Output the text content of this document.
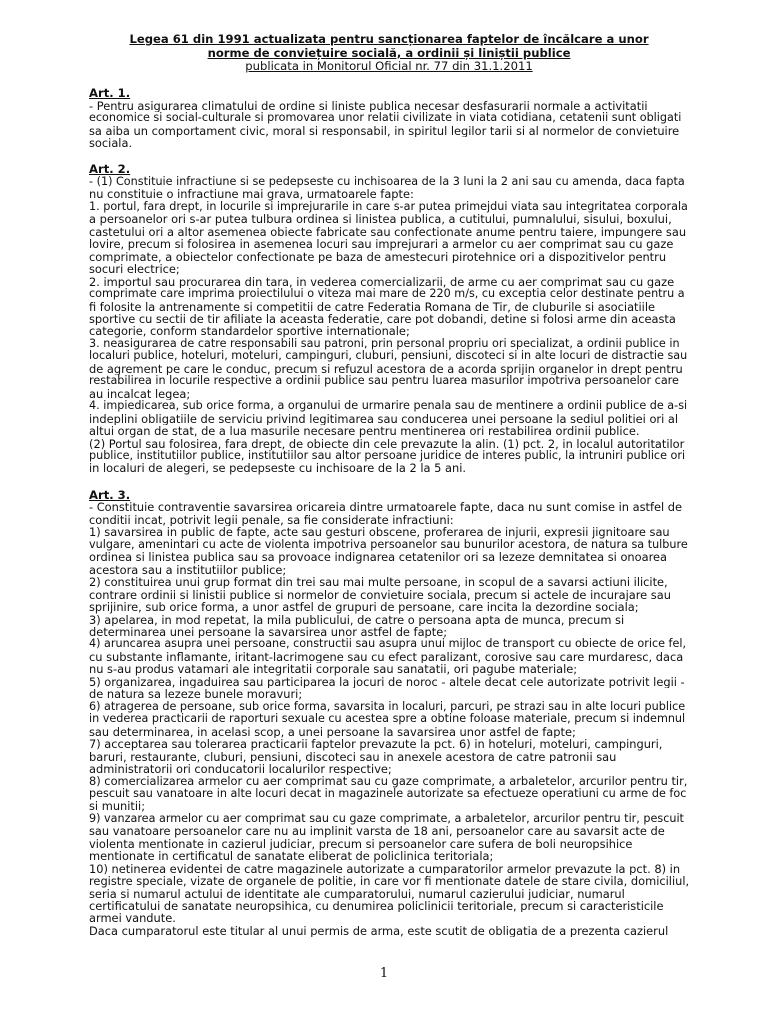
Legea 61 din 1991 actualizata pentru sancționarea faptelor de încălcare a unor
norme de conviețuire socială, a ordinii și liniștii publice

publicata in Monitorul Oficial nr. 77 din 31.1.2011

Art. 1.
- Pentru asigurarea climatului de ordine si liniste publica necesar desfasurarii normale a activitatii
economice si social-culturale si promovarea unor relatii civilizate in viata cotidiana, cetatenii sunt obligati
sa aiba un comportament civic, moral si responsabil, in spiritul legilor tarii si al normelor de convietuire
sociala.
Art. 2.
- (1) Constituie infractiune si se pedepseste cu inchisoarea de la 3 luni la 2 ani sau cu amenda, daca fapta
nu constituie o infractiune mai grava, urmatoarele fapte:
1. portul, fara drept, in locurile si imprejurarile in care s-ar putea primejdui viata sau integritatea corporala
a persoanelor ori s-ar putea tulbura ordinea si linistea publica, a cutitului, pumnalului, sisului, boxului,
castetului ori a altor asemenea obiecte fabricate sau confectionate anume pentru taiere, impungere sau
lovire, precum si folosirea in asemenea locuri sau imprejurari a armelor cu aer comprimat sau cu gaze
comprimate, a obiectelor confectionate pe baza de amestecuri pirotehnice ori a dispozitivelor pentru
socuri electrice;
2. importul sau procurarea din tara, in vederea comercializarii, de arme cu aer comprimat sau cu gaze
comprimate care imprima proiectilului o viteza mai mare de 220 m/s, cu exceptia celor destinate pentru a
fi folosite la antrenamente si competitii de catre Federatia Romana de Tir, de cluburile si asociatiile
sportive cu sectii de tir afiliate la aceasta federatie, care pot dobandi, detine si folosi arme din aceasta
categorie, conform standardelor sportive internationale;
3. neasigurarea de catre responsabili sau patroni, prin personal propriu ori specializat, a ordinii publice in
localuri publice, hoteluri, moteluri, campinguri, cluburi, pensiuni, discoteci si in alte locuri de distractie sau
de agrement pe care le conduc, precum si refuzul acestora de a acorda sprijin organelor in drept pentru
restabilirea in locurile respective a ordinii publice sau pentru luarea masurilor impotriva persoanelor care
au incalcat legea;
4. impiedicarea, sub orice forma, a organului de urmarire penala sau de mentinere a ordinii publice de a-si
indeplini obligatiile de serviciu privind legitimarea sau conducerea unei persoane la sediul politiei ori al
altui organ de stat, de a lua masurile necesare pentru mentinerea ori restabilirea ordinii publice.
(2) Portul sau folosirea, fara drept, de obiecte din cele prevazute la alin. (1) pct. 2, in localul autoritatilor
publice, institutiilor publice, institutiilor sau altor persoane juridice de interes public, la intruniri publice ori
in localuri de alegeri, se pedepseste cu inchisoare de la 2 la 5 ani.
Art. 3.
- Constituie contraventie savarsirea oricareia dintre urmatoarele fapte, daca nu sunt comise in astfel de
conditii incat, potrivit legii penale, sa fie considerate infractiuni:
1) savarsirea in public de fapte, acte sau gesturi obscene, proferarea de injurii, expresii jignitoare sau
vulgare, amenintari cu acte de violenta impotriva persoanelor sau bunurilor acestora, de natura sa tulbure
ordinea si linistea publica sau sa provoace indignarea cetatenilor ori sa lezeze demnitatea si onoarea
acestora sau a institutiilor publice;
2) constituirea unui grup format din trei sau mai multe persoane, in scopul de a savarsi actiuni ilicite,
contrare ordinii si linistii publice si normelor de convietuire sociala, precum si actele de incurajare sau
sprijinire, sub orice forma, a unor astfel de grupuri de persoane, care incita la dezordine sociala;
3) apelarea, in mod repetat, la mila publicului, de catre o persoana apta de munca, precum si
determinarea unei persoane la savarsirea unor astfel de fapte;
4) aruncarea asupra unei persoane, constructii sau asupra unui mijloc de transport cu obiecte de orice fel,
cu substante inflamante, iritant-lacrimogene sau cu efect paralizant, corosive sau care murdaresc, daca
nu s-au produs vatamari ale integritatii corporale sau sanatatii, ori pagube materiale;
5) organizarea, ingaduirea sau participarea la jocuri de noroc - altele decat cele autorizate potrivit legii -
de natura sa lezeze bunele moravuri;
6) atragerea de persoane, sub orice forma, savarsita in localuri, parcuri, pe strazi sau in alte locuri publice
in vederea practicarii de raporturi sexuale cu acestea spre a obtine foloase materiale, precum si indemnul
sau determinarea, in acelasi scop, a unei persoane la savarsirea unor astfel de fapte;
7) acceptarea sau tolerarea practicarii faptelor prevazute la pct. 6) in hoteluri, moteluri, campinguri,
baruri, restaurante, cluburi, pensiuni, discoteci sau in anexele acestora de catre patronii sau
administratorii ori conducatorii localurilor respective;
8) comercializarea armelor cu aer comprimat sau cu gaze comprimate, a arbaletelor, arcurilor pentru tir,
pescuit sau vanatoare in alte locuri decat in magazinele autorizate sa efectueze operatiuni cu arme de foc
si munitii;
9) vanzarea armelor cu aer comprimat sau cu gaze comprimate, a arbaletelor, arcurilor pentru tir, pescuit
sau vanatoare persoanelor care nu au implinit varsta de 18 ani, persoanelor care au savarsit acte de
violenta mentionate in cazierul judiciar, precum si persoanelor care sufera de boli neuropsihice
mentionate in certificatul de sanatate eliberat de policlinica teritoriala;
10) netinerea evidentei de catre magazinele autorizate a cumparatorilor armelor prevazute la pct. 8) in
registre speciale, vizate de organele de politie, in care vor fi mentionate datele de stare civila, domiciliul,
seria si numarul actului de identitate ale cumparatorului, numarul cazierului judiciar, numarul
certificatului de sanatate neuropsihica, cu denumirea policlinicii teritoriale, precum si caracteristicile
armei vandute.
Daca cumparatorul este titular al unui permis de arma, este scutit de obligatia de a prezenta cazierul
1
